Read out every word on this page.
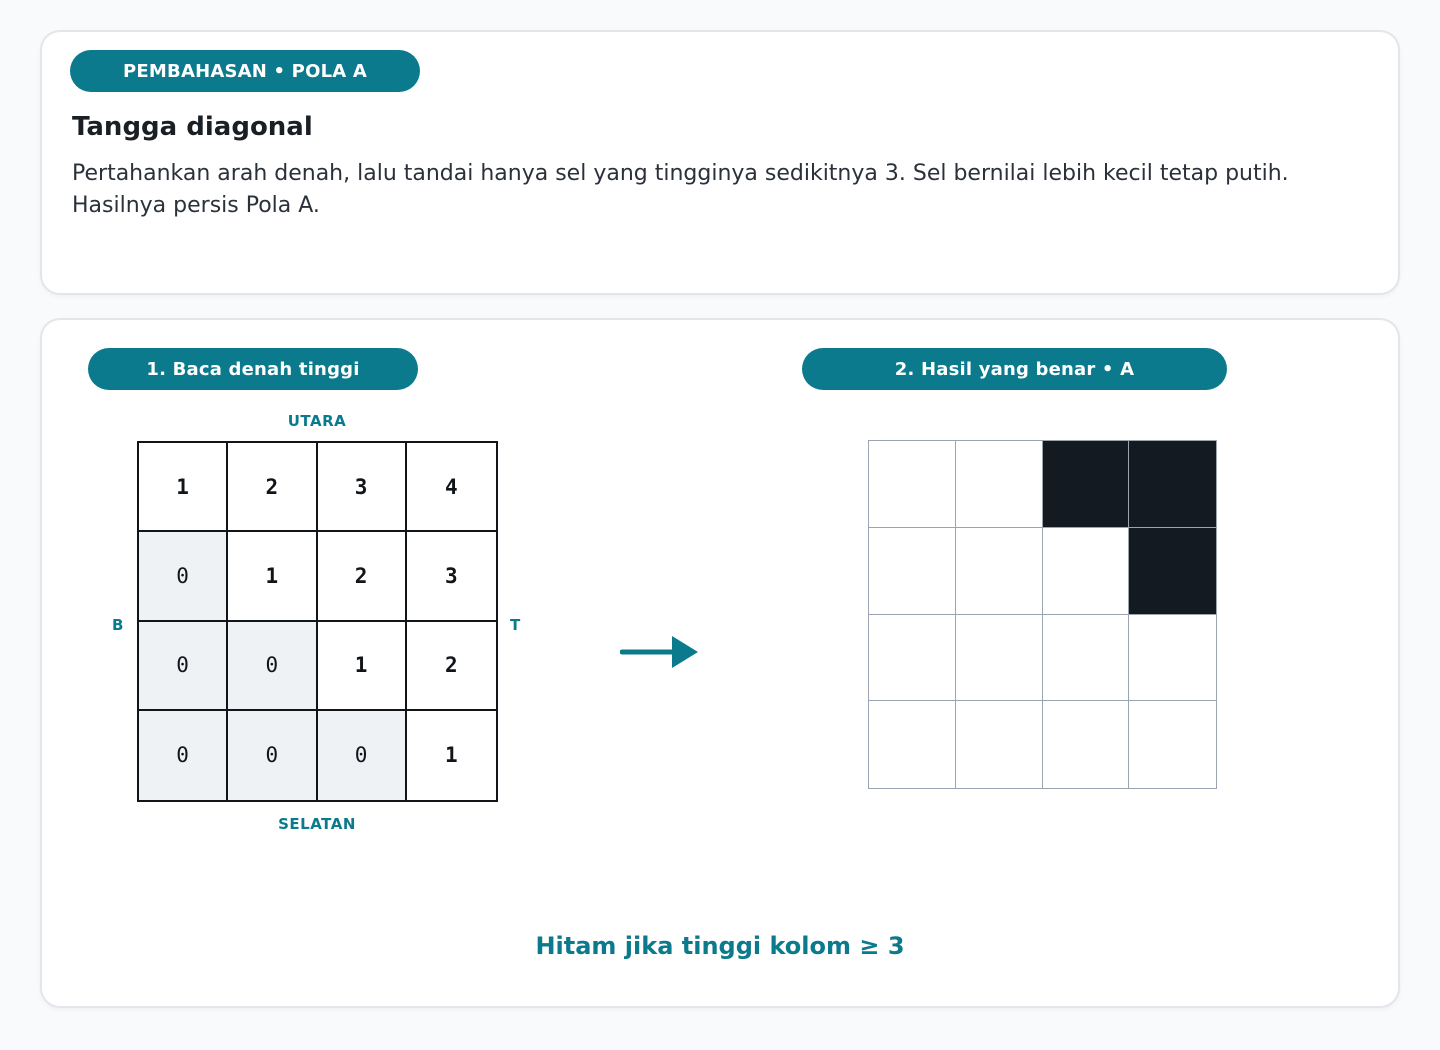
PEMBAHASAN • POLA A
Tangga diagonal
Pertahankan arah denah, lalu tandai hanya sel yang tingginya sedikitnya 3. Sel bernilai lebih kecil tetap putih. Hasilnya persis Pola A.
1. Baca denah tinggi	2. Hasil yang benar • A
UTARA
SELATAN
B	T
1	2	3	4
0	1	2	3
0	0	1	2
0	0	0	1
Hitam jika tinggi kolom ≥ 3
